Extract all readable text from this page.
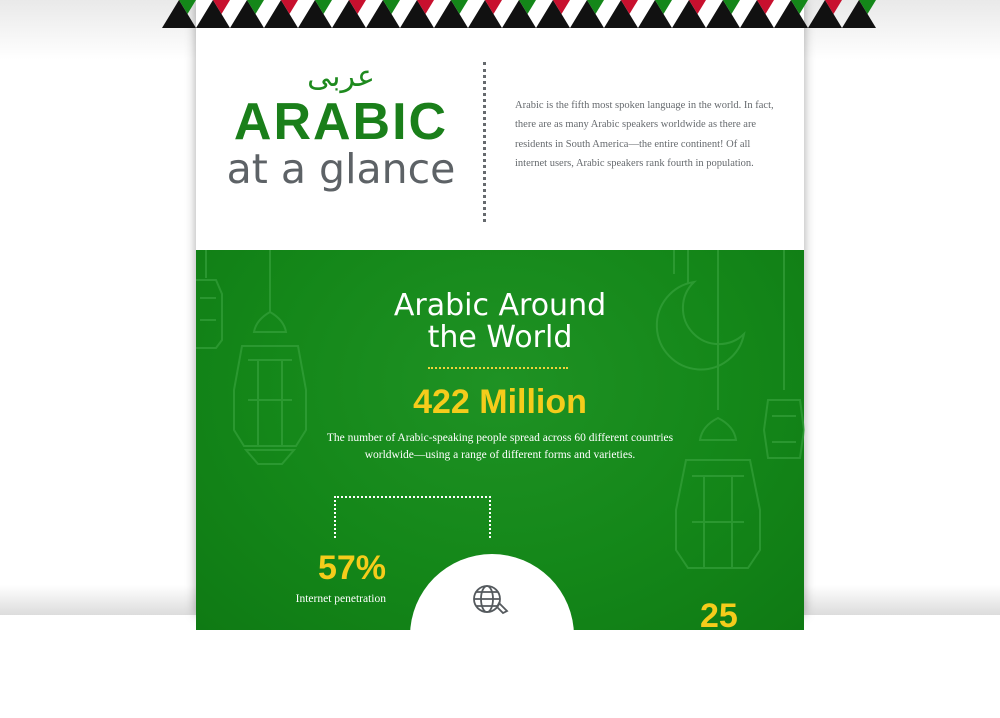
عربى
ARABIC
at a glance
Arabic is the fifth most spoken language in the world. In fact, there are as many Arabic speakers worldwide as there are residents in South America—the entire continent! Of all internet users, Arabic speakers rank fourth in population.
Arabic Around
the World
422 Million
The number of Arabic-speaking people spread across 60 different countries worldwide—using a range of different forms and varieties.
57%
Internet penetration	25
